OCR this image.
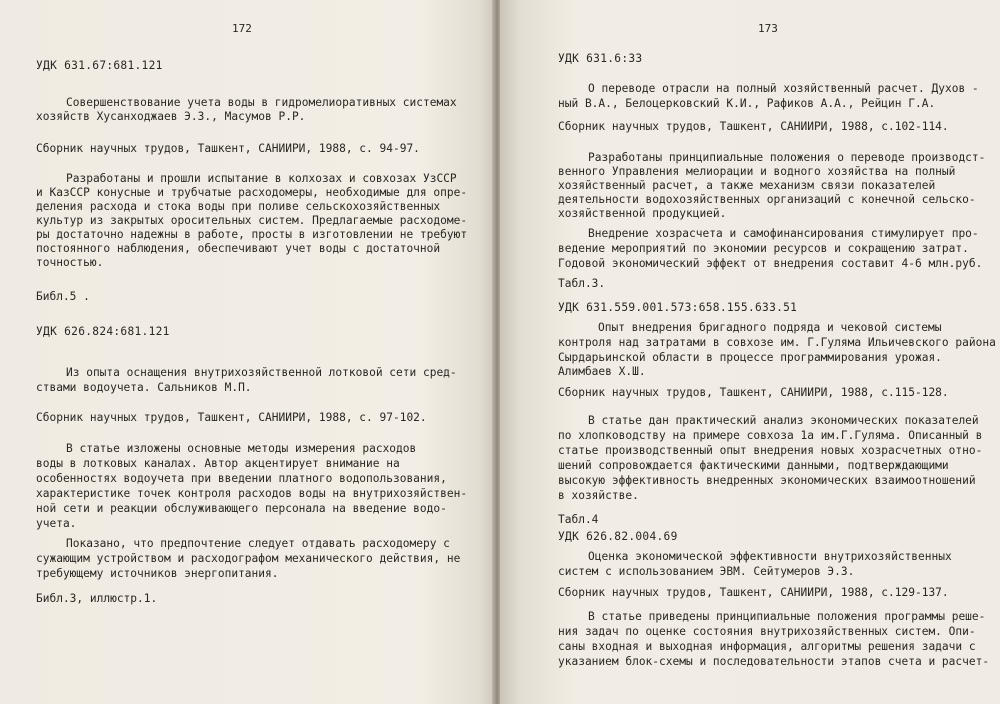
172
УДК 631.67:681.121
Совершенствование учета воды в гидромелиоративных системах
хозяйств Хусанходжаев Э.З., Масумов Р.Р.
Сборник научных трудов, Ташкент, САНИИРИ, 1988, с. 94-97.
Разработаны и прошли испытание в колхозах и совхозах УзССР
и КазССР конусные и трубчатые расходомеры, необходимые для опре-
деления расхода и стока воды при поливе сельскохозяйственных
культур из закрытых оросительных систем. Предлагаемые расходоме-
ры достаточно надежны в работе, просты в изготовлении не требуют
постоянного наблюдения, обеспечивают учет воды с достаточной
точностью.
Библ.5 .
УДК 626.824:681.121
Из опыта оснащения внутрихозяйственной лотковой сети сред-
ствами водоучета. Сальников М.П.
Сборник научных трудов, Ташкент, САНИИРИ, 1988, с. 97-102.
В статье изложены основные методы измерения расходов
воды в лотковых каналах. Автор акцентирует внимание на
особенностях водоучета при введении платного водопользования,
характеристике точек контроля расходов воды на внутрихозяйствен-
ной сети и реакции обслуживающего персонала на введение водо-
учета.
Показано, что предпочтение следует отдавать расходомеру с
сужающим устройством и расходографом механического действия, не
требующему источников энергопитания.
Библ.3, иллюстр.1.
173
УДК 631.6:33
О переводе отрасли на полный хозяйственный расчет. Духов -
ный В.А., Белоцерковский К.И., Рафиков А.А., Рейцин Г.А.
Сборник научных трудов, Ташкент, САНИИРИ, 1988, с.102-114.
Разработаны принципиальные положения о переводе производст-
венного Управления мелиорации и водного хозяйства на полный
хозяйственный расчет, а также механизм связи показателей
деятельности водохозяйственных организаций с конечной сельско-
хозяйственной продукцией.
Внедрение хозрасчета и самофинансирования стимулирует про-
ведение мероприятий по экономии ресурсов и сокращению затрат.
Годовой экономический эффект от внедрения составит 4-6 млн.руб.
Табл.3.
УДК 631.559.001.573:658.155.633.51
Опыт внедрения бригадного подряда и чековой системы
контроля над затратами в совхозе им. Г.Гуляма Ильичевского района
Сырдарьинской области в процессе программирования урожая.
Алимбаев Х.Ш.
Сборник научных трудов, Ташкент, САНИИРИ, 1988, с.115-128.
В статье дан практический анализ экономических показателей
по хлопководству на примере совхоза 1а им.Г.Гуляма. Описанный в
статье производственный опыт внедрения новых хозрасчетных отно-
шений сопровождается фактическими данными, подтверждающими
высокую эффективность внедренных экономических взаимоотношений
в хозяйстве.
Табл.4
УДК 626.82.004.69
Оценка экономической эффективности внутрихозяйственных
систем с использованием ЭВМ. Сейтумеров Э.З.
Сборник научных трудов, Ташкент, САНИИРИ, 1988, с.129-137.
В статье приведены принципиальные положения программы реше-
ния задач по оценке состояния внутрихозяйственных систем. Опи-
саны входная и выходная информация, алгоритмы решения задачи с
указанием блок-схемы и последовательности этапов счета и расчет-
